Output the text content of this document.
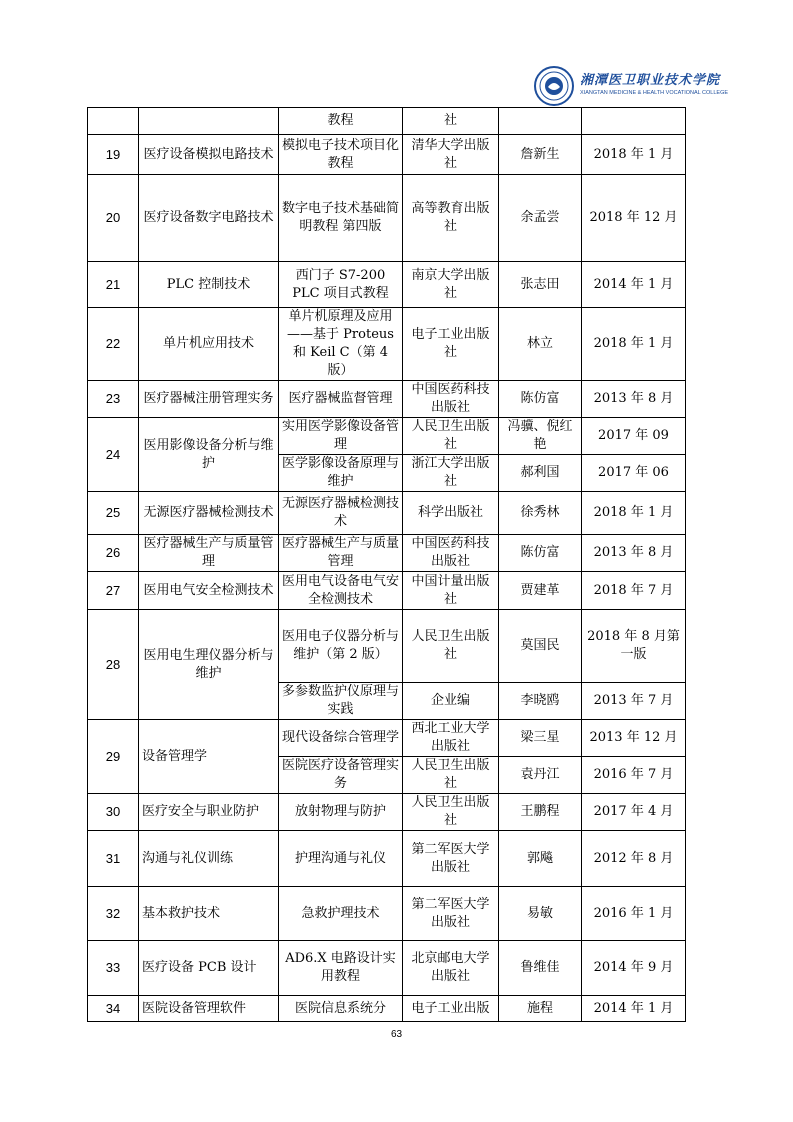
湘潭医卫职业技术学院
XIANGTAN MEDICINE & HEALTH VOCATIONAL COLLEGE
		教程	社		
19	医疗设备模拟电路技术	模拟电子技术项目化教程	清华大学出版社	詹新生	2018 年 1 月
20	医疗设备数字电路技术	数字电子技术基础简明教程 第四版	高等教育出版社	余孟尝	2018 年 12 月
21	PLC 控制技术	西门子 S7-200 PLC 项目式教程	南京大学出版社	张志田	2014 年 1 月
22	单片机应用技术	单片机原理及应用——基于 Proteus 和 Keil C（第 4 版）	电子工业出版社	林立	2018 年 1 月
23	医疗器械注册管理实务	医疗器械监督管理	中国医药科技出版社	陈仿富	2013 年 8 月
24	医用影像设备分析与维护	实用医学影像设备管理	人民卫生出版社	冯骥、倪红艳	2017 年 09
		医学影像设备原理与维护	浙江大学出版社	郝利国	2017 年 06
25	无源医疗器械检测技术	无源医疗器械检测技术	科学出版社	徐秀林	2018 年 1 月
26	医疗器械生产与质量管理	医疗器械生产与质量管理	中国医药科技出版社	陈仿富	2013 年 8 月
27	医用电气安全检测技术	医用电气设备电气安全检测技术	中国计量出版社	贾建革	2018 年 7 月
28	医用电生理仪器分析与维护	医用电子仪器分析与维护（第 2 版）	人民卫生出版社	莫国民	2018 年 8 月第一版
		多参数监护仪原理与实践	企业编	李晓鸥	2013 年 7 月
29	设备管理学	现代设备综合管理学	西北工业大学出版社	梁三星	2013 年 12 月
		医院医疗设备管理实务	人民卫生出版社	袁丹江	2016 年 7 月
30	医疗安全与职业防护	放射物理与防护	人民卫生出版社	王鹏程	2017 年 4 月
31	沟通与礼仪训练	护理沟通与礼仪	第二军医大学出版社	郭飚	2012 年 8 月
32	基本救护技术	急救护理技术	第二军医大学出版社	易敏	2016 年 1 月
33	医疗设备 PCB 设计	AD6.X 电路设计实用教程	北京邮电大学出版社	鲁维佳	2014 年 9 月
34	医院设备管理软件	医院信息系统分	电子工业出版	施程	2014 年 1 月
63
